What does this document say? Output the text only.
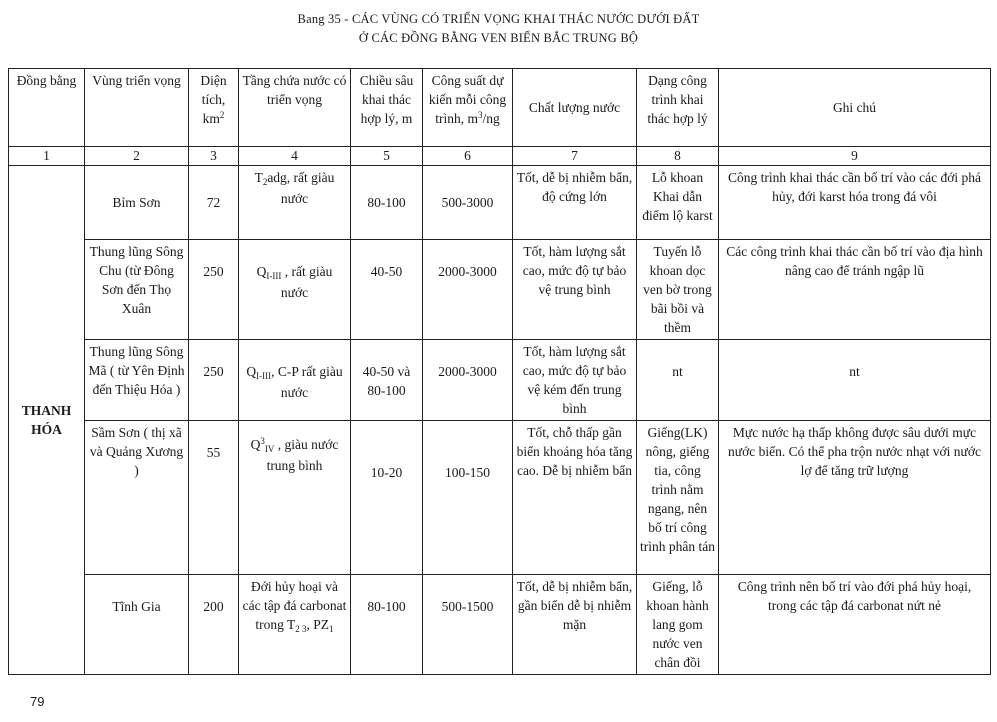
Bang 35 - CÁC VÙNG CÓ TRIỂN VỌNG KHAI THÁC NƯỚC DƯỚI ĐẤT
Ở CÁC ĐỒNG BẰNG VEN BIỂN BẮC TRUNG BỘ
Đồng bằng	Vùng triển vọng	Diện tích, $km^2$	Tầng chứa nước có triển vọng	Chiều sâu khai thác hợp lý, m	Công suất dự kiến mỗi công trình, $m^3/ng$	Chất lượng nước	Dạng công trình khai thác hợp lý	Ghi chú
1	2	3	4	5	6	7	8	9
THANH HÓA	Bỉm Sơn	72	$T_2adg$, rất giàu nước	80-100	500-3000	Tốt, dễ bị nhiễm bẩn, độ cứng lớn	Lỗ khoan Khai dẫn điểm lộ karst	Công trình khai thác cần bố trí vào các đới phá hủy, đới karst hóa trong đá vôi
	Thung lũng Sông Chu (từ Đông Sơn đến Thọ Xuân	250	$Q_{I-III}$ , rất giàu nước	40-50	2000-3000	Tốt, hàm lượng sắt cao, mức độ tự bảo vệ trung bình	Tuyến lỗ khoan dọc ven bờ trong bãi bồi và thềm	Các công trình khai thác cần bố trí vào địa hình nâng cao để tránh ngập lũ
	Thung lũng Sông Mã ( từ Yên Định đến Thiệu Hóa )	250	$Q_{I-III}$, C-P rất giàu nước	40-50 và 80-100	2000-3000	Tốt, hàm lượng sắt cao, mức độ tự bảo vệ kém đến trung bình	nt	nt
	Sầm Sơn ( thị xã và Quảng Xương )	55	$Q^3_{IV}$ , giàu nước trung bình	10-20	100-150	Tốt, chỗ thấp gần biển khoáng hóa tăng cao. Dễ bị nhiễm bẩn	Giếng(LK) nông, giếng tia, công trình nằm ngang, nên bố trí công trình phân tán	Mực nước hạ thấp không được sâu dưới mực nước biển. Có thể pha trộn nước nhạt với nước lợ để tăng trữ lượng
	Tĩnh Gia	200	Đới hủy hoại và các tập đá carbonat trong $T_{2 3}$, $PZ_1$	80-100	500-1500	Tốt, dễ bị nhiễm bẩn, gần biển dễ bị nhiễm mặn	Giếng, lỗ khoan hành lang gom nước ven chân đồi	Công trình nên bố trí vào đới phá hủy hoại, trong các tập đá carbonat nứt nẻ
79
